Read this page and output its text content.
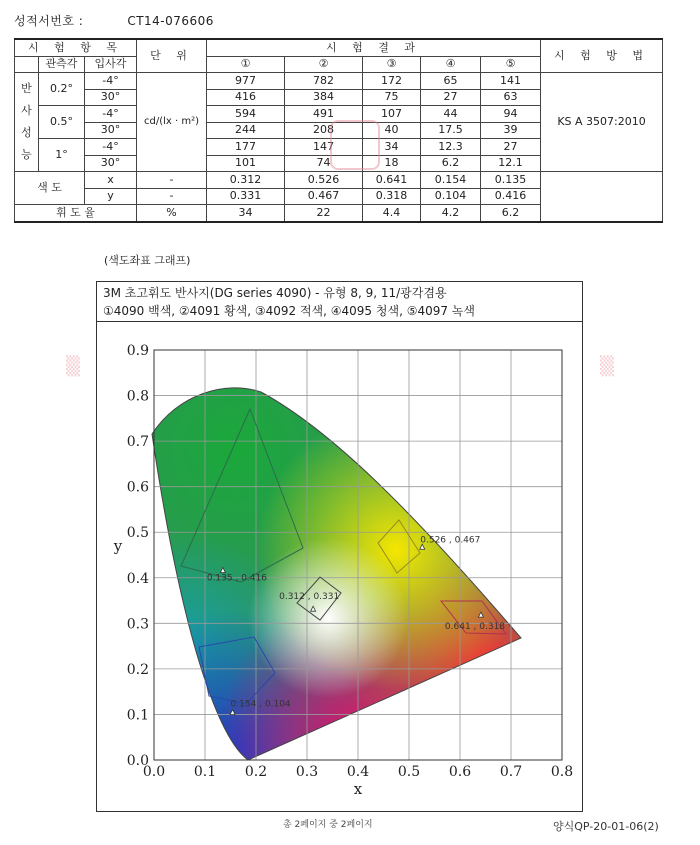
성적서번호 :	CT14-076606
시 험 항 목			단 위	시 험 결 과					시 험 방 법
	관측각	입사각		①	②	③	④	⑤	

반
사
성
능	0.2°	-4°	cd/(lx · m²)	977	782	172	65	141	KS A 3507:2010
		30°		416	384	75	27	63	
	0.5°	-4°		594	491	107	44	94	
		30°		244	208	40	17.5	39	
	1°	-4°		177	147	34	12.3	27	
		30°		101	74	18	6.2	12.1	
색 도		x	-	0.312	0.526	0.641	0.154	0.135	
		y	-	0.331	0.467	0.318	0.104	0.416	
휘 도 율			%	34	22	4.4	4.2	6.2	
▒	▒
(색도좌표 그래프)
3M 초고휘도 반사지(DG series 4090) - 유형 8, 9, 11/광각겸용
①4090 백색, ②4091 황색, ③4092 적색, ④4095 청색, ⑤4097 녹색
0.0 0.1 0.2 0.3 0.4 0.5 0.6 0.7 0.8
0.0
0.1
0.2
0.3
0.4
0.5
0.6
0.7
0.8
0.9
x
y
0.312 , 0.331
0.526 , 0.467
0.641 , 0.318
0.154 , 0.104
0.135 , 0.416
총 2페이지 중 2페이지	양식QP-20-01-06(2)
